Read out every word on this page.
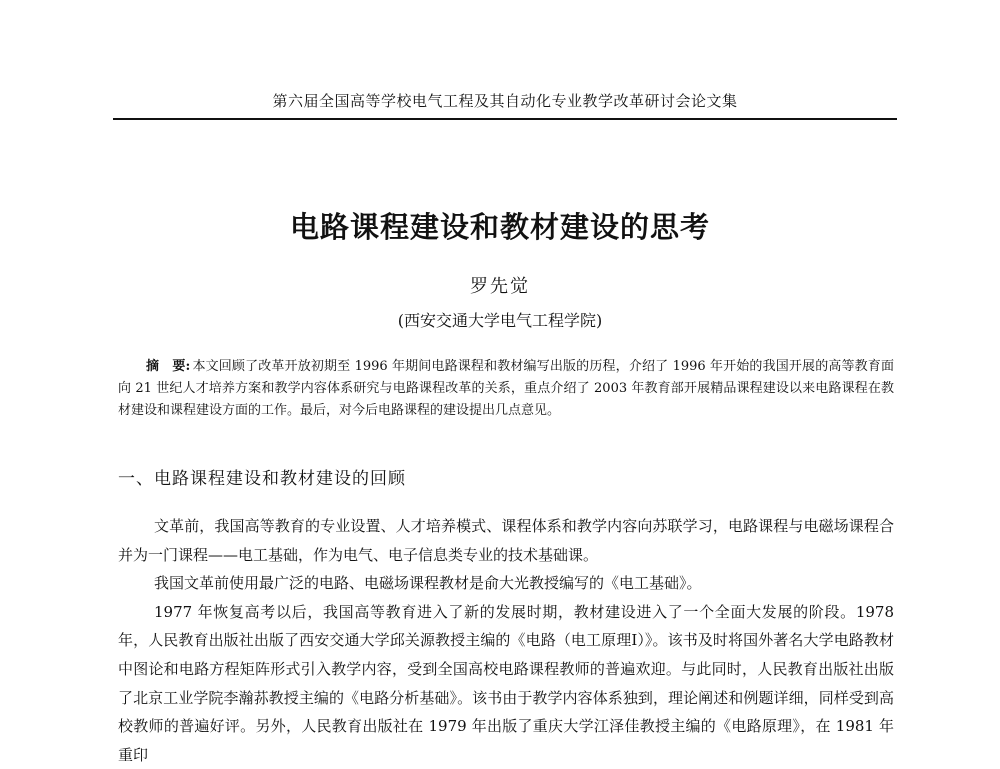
第六届全国高等学校电气工程及其自动化专业教学改革研讨会论文集
电路课程建设和教材建设的思考
罗先觉
(西安交通大学电气工程学院)
摘　要: 本文回顾了改革开放初期至 1996 年期间电路课程和教材编写出版的历程，介绍了 1996 年开始的我国开展的高等教育面向 21 世纪人才培养方案和教学内容体系研究与电路课程改革的关系，重点介绍了 2003 年教育部开展精品课程建设以来电路课程在教材建设和课程建设方面的工作。最后，对今后电路课程的建设提出几点意见。
一、电路课程建设和教材建设的回顾

文革前，我国高等教育的专业设置、人才培养模式、课程体系和教学内容向苏联学习，电路课程与电磁场课程合并为一门课程——电工基础，作为电气、电子信息类专业的技术基础课。

我国文革前使用最广泛的电路、电磁场课程教材是俞大光教授编写的《电工基础》。

1977 年恢复高考以后，我国高等教育进入了新的发展时期，教材建设进入了一个全面大发展的阶段。1978 年，人民教育出版社出版了西安交通大学邱关源教授主编的《电路（电工原理Ⅰ）》。该书及时将国外著名大学电路教材中图论和电路方程矩阵形式引入教学内容，受到全国高校电路课程教师的普遍欢迎。与此同时，人民教育出版社出版了北京工业学院李瀚荪教授主编的《电路分析基础》。该书由于教学内容体系独到，理论阐述和例题详细，同样受到高校教师的普遍好评。另外，人民教育出版社在 1979 年出版了重庆大学江泽佳教授主编的《电路原理》，在 1981 年重印
